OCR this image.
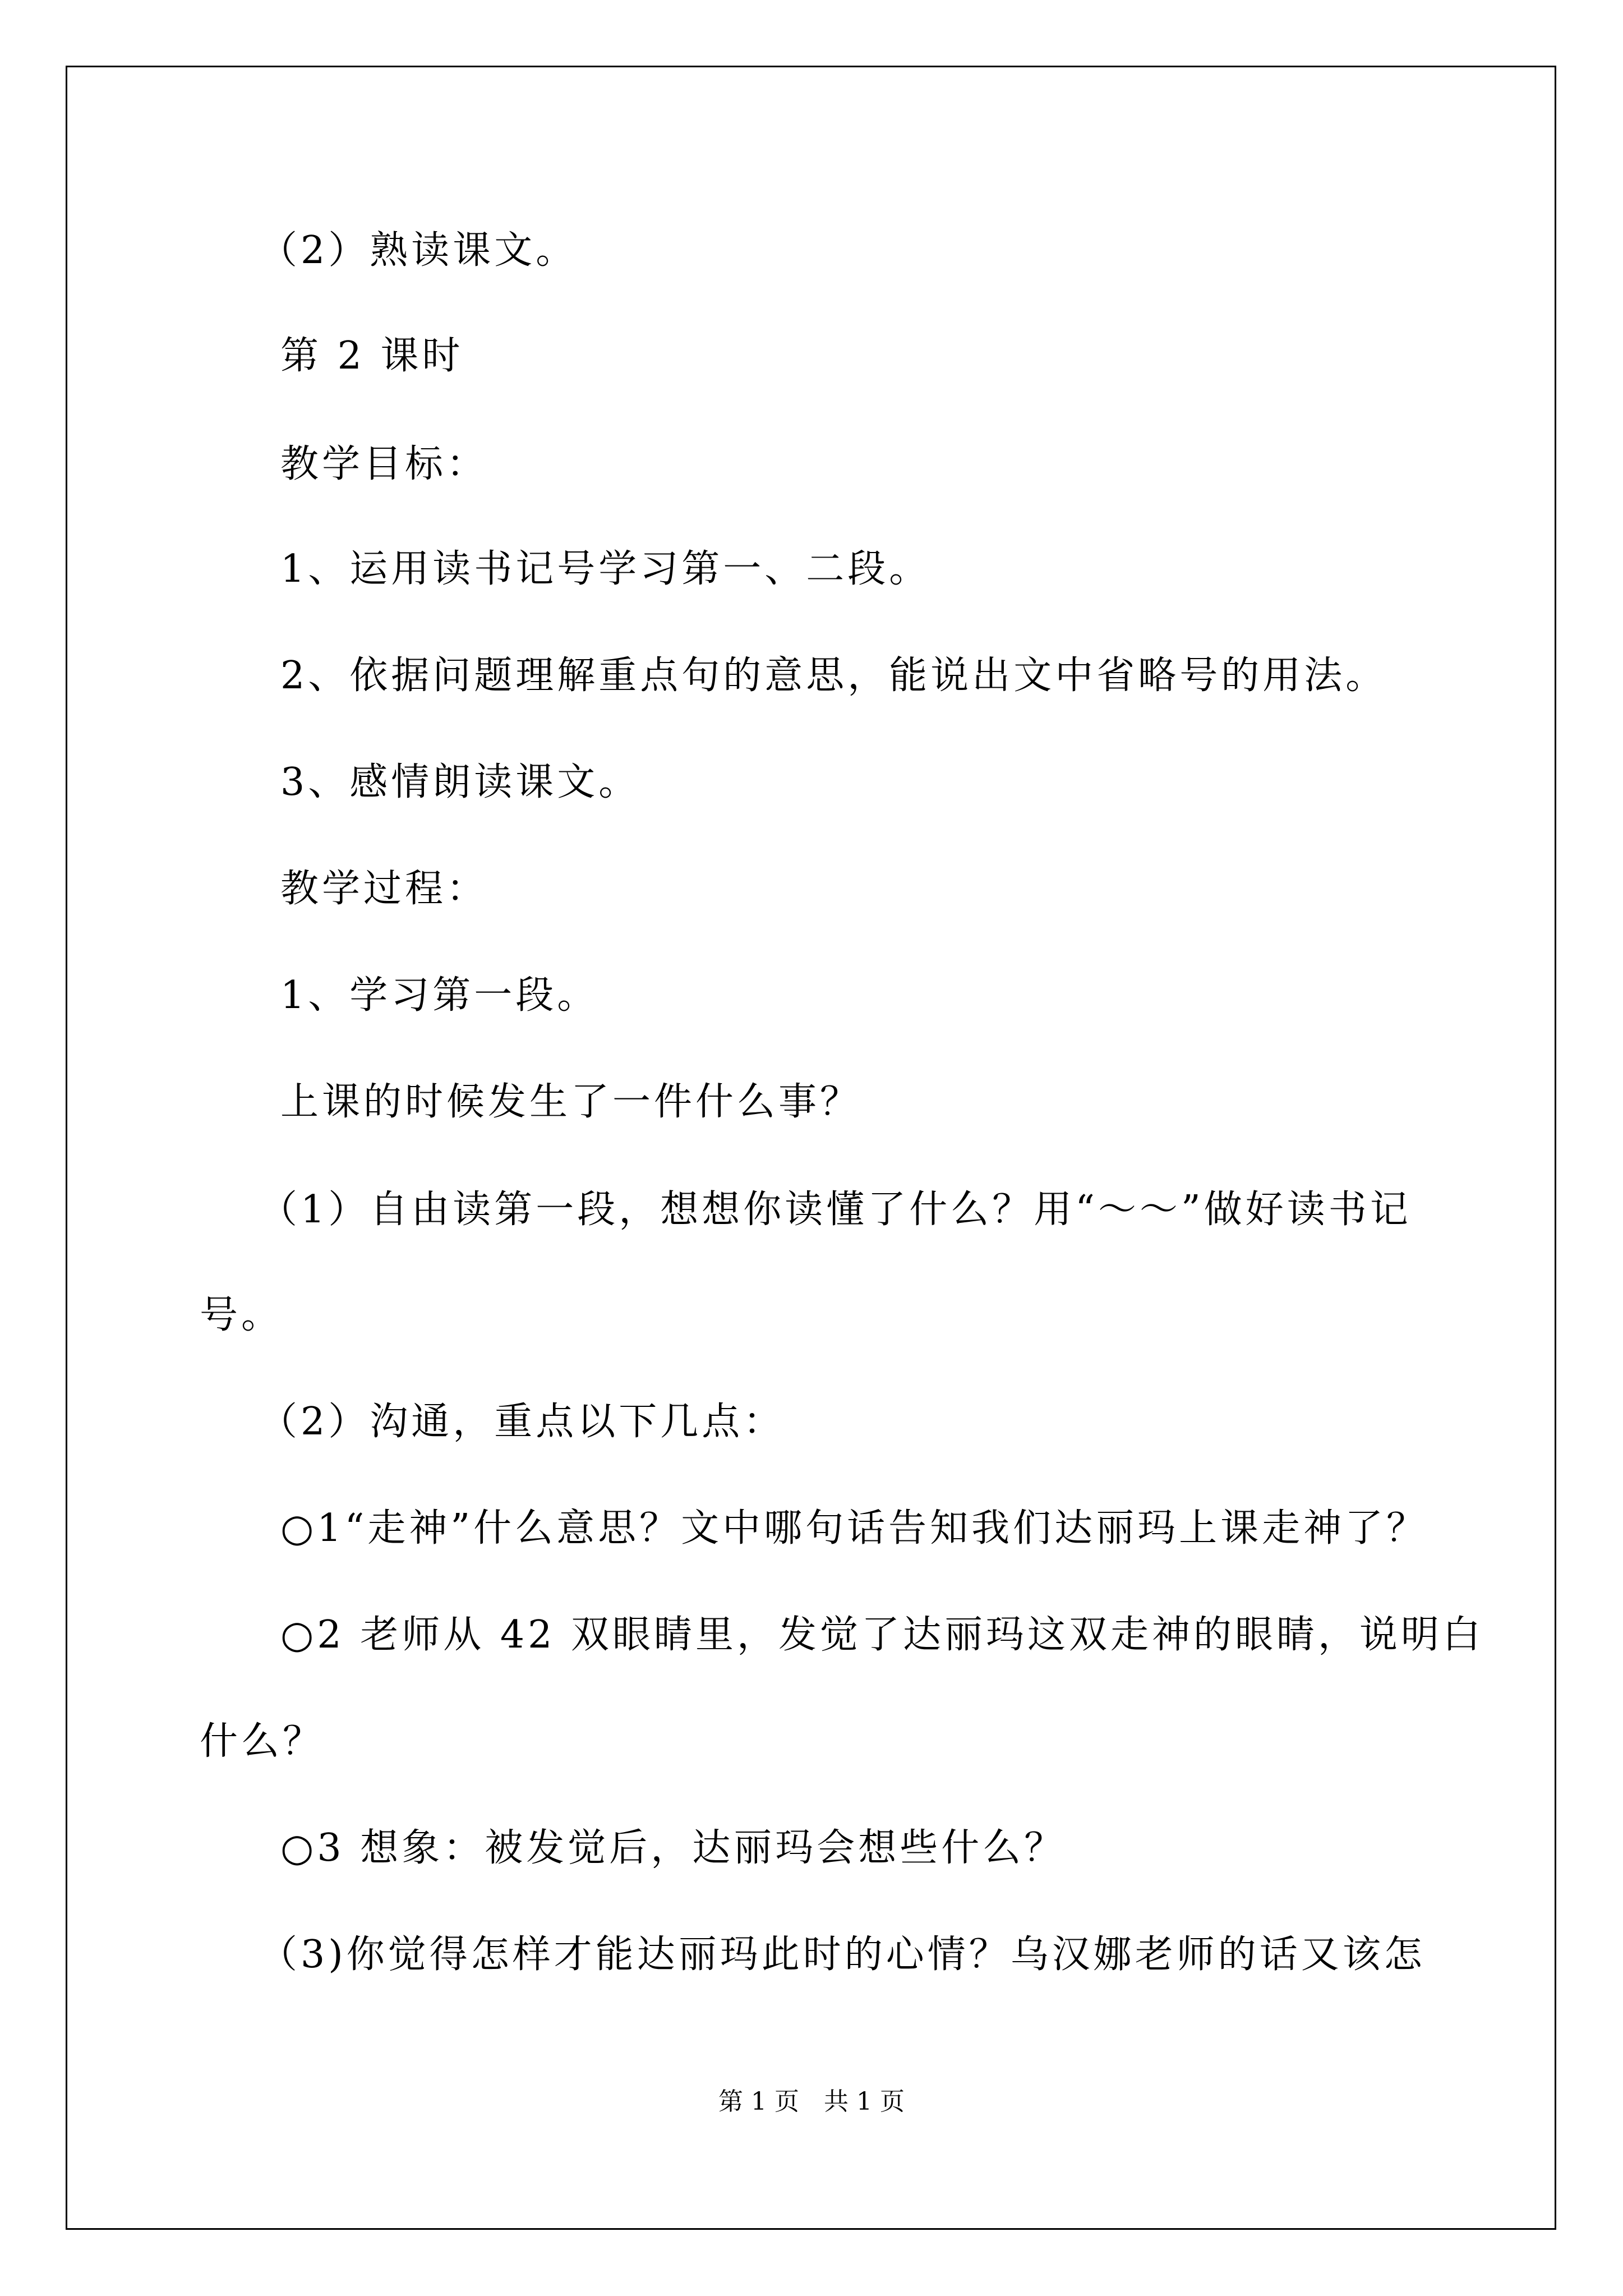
（2）熟读课文。
第 2 课时
教学目标：
1、运用读书记号学习第一、二段。
2、依据问题理解重点句的意思，能说出文中省略号的用法。
3、感情朗读课文。
教学过程：
1、学习第一段。
上课的时候发生了一件什么事？
（1）自由读第一段，想想你读懂了什么？用“～～”做好读书记
号。
（2）沟通，重点以下几点：
○1“走神”什么意思？文中哪句话告知我们达丽玛上课走神了？
○2 老师从 42 双眼睛里，发觉了达丽玛这双走神的眼睛，说明白
什么？
○3 想象：被发觉后，达丽玛会想些什么？
（3)你觉得怎样才能达丽玛此时的心情？乌汉娜老师的话又该怎
第 1 页　共 1 页
